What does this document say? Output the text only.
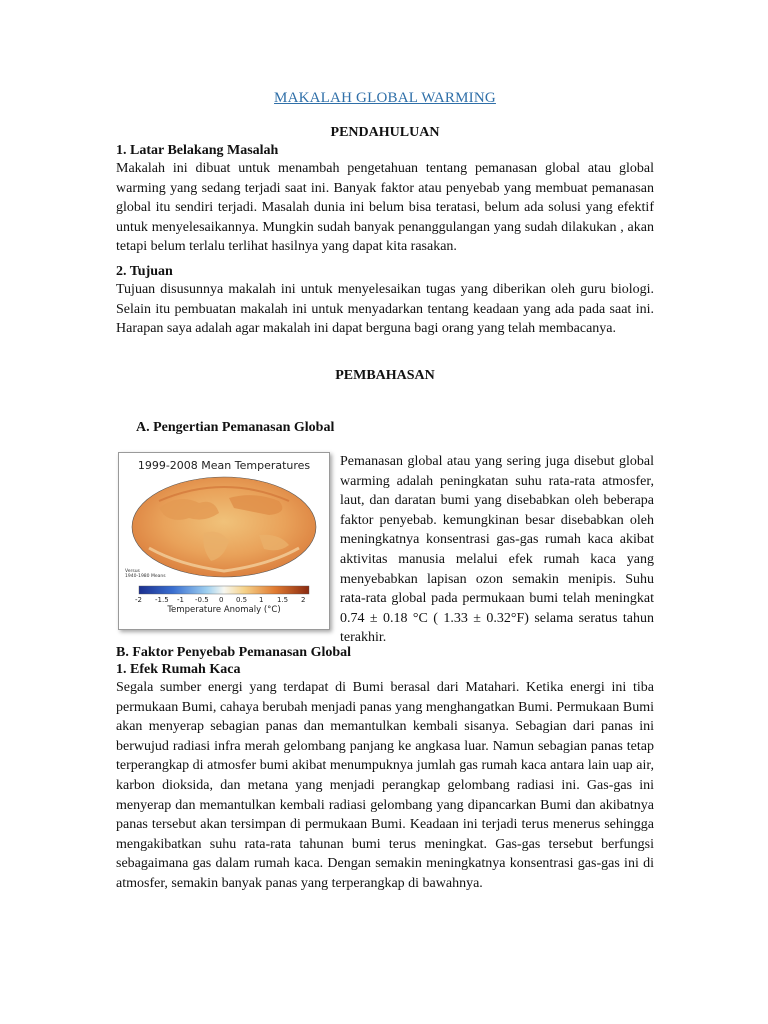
MAKALAH GLOBAL WARMING
PENDAHULUAN
1. Latar Belakang Masalah

Makalah ini dibuat untuk menambah pengetahuan tentang pemanasan global atau global warming yang sedang terjadi saat ini. Banyak faktor atau penyebab yang membuat pemanasan global itu sendiri terjadi. Masalah dunia ini belum bisa teratasi, belum ada solusi yang efektif untuk menyelesaikannya. Mungkin sudah banyak penanggulangan yang sudah dilakukan , akan tetapi belum terlalu terlihat hasilnya yang dapat kita rasakan.

2. Tujuan

Tujuan disusunnya makalah ini untuk menyelesaikan tugas yang diberikan oleh guru biologi. Selain itu pembuatan makalah ini untuk menyadarkan tentang keadaan yang ada pada saat ini. Harapan saya adalah agar makalah ini dapat berguna bagi orang yang telah membacanya.

PEMBAHASAN
A. Pengertian Pemanasan Global
1999-2008 Mean Temperatures
Versus
1940-1980 Means
-2 -1.5 -1 -0.5 0 0.5 1 1.5 2
Temperature Anomaly (°C)

Pemanasan global atau yang sering juga disebut global warming adalah peningkatan suhu rata-rata atmosfer, laut, dan daratan bumi yang disebabkan oleh beberapa faktor penyebab. kemungkinan besar disebabkan oleh meningkatnya konsentrasi gas-gas rumah kaca akibat aktivitas manusia melalui efek rumah kaca yang menyebabkan lapisan ozon semakin menipis. Suhu rata-rata global pada permukaan bumi telah meningkat 0.74 ± 0.18 °C ( 1.33 ± 0.32°F) selama seratus tahun terakhir.

B. Faktor Penyebab Pemanasan Global
1. Efek Rumah Kaca

Segala sumber energi yang terdapat di Bumi berasal dari Matahari. Ketika energi ini tiba permukaan Bumi, cahaya berubah menjadi panas yang menghangatkan Bumi. Permukaan Bumi akan menyerap sebagian panas dan memantulkan kembali sisanya. Sebagian dari panas ini berwujud radiasi infra merah gelombang panjang ke angkasa luar. Namun sebagian panas tetap terperangkap di atmosfer bumi akibat menumpuknya jumlah gas rumah kaca antara lain uap air, karbon dioksida, dan metana yang menjadi perangkap gelombang radiasi ini. Gas-gas ini menyerap dan memantulkan kembali radiasi gelombang yang dipancarkan Bumi dan akibatnya panas tersebut akan tersimpan di permukaan Bumi. Keadaan ini terjadi terus menerus sehingga mengakibatkan suhu rata-rata tahunan bumi terus meningkat. Gas-gas tersebut berfungsi sebagaimana gas dalam rumah kaca. Dengan semakin meningkatnya konsentrasi gas-gas ini di atmosfer, semakin banyak panas yang terperangkap di bawahnya.
